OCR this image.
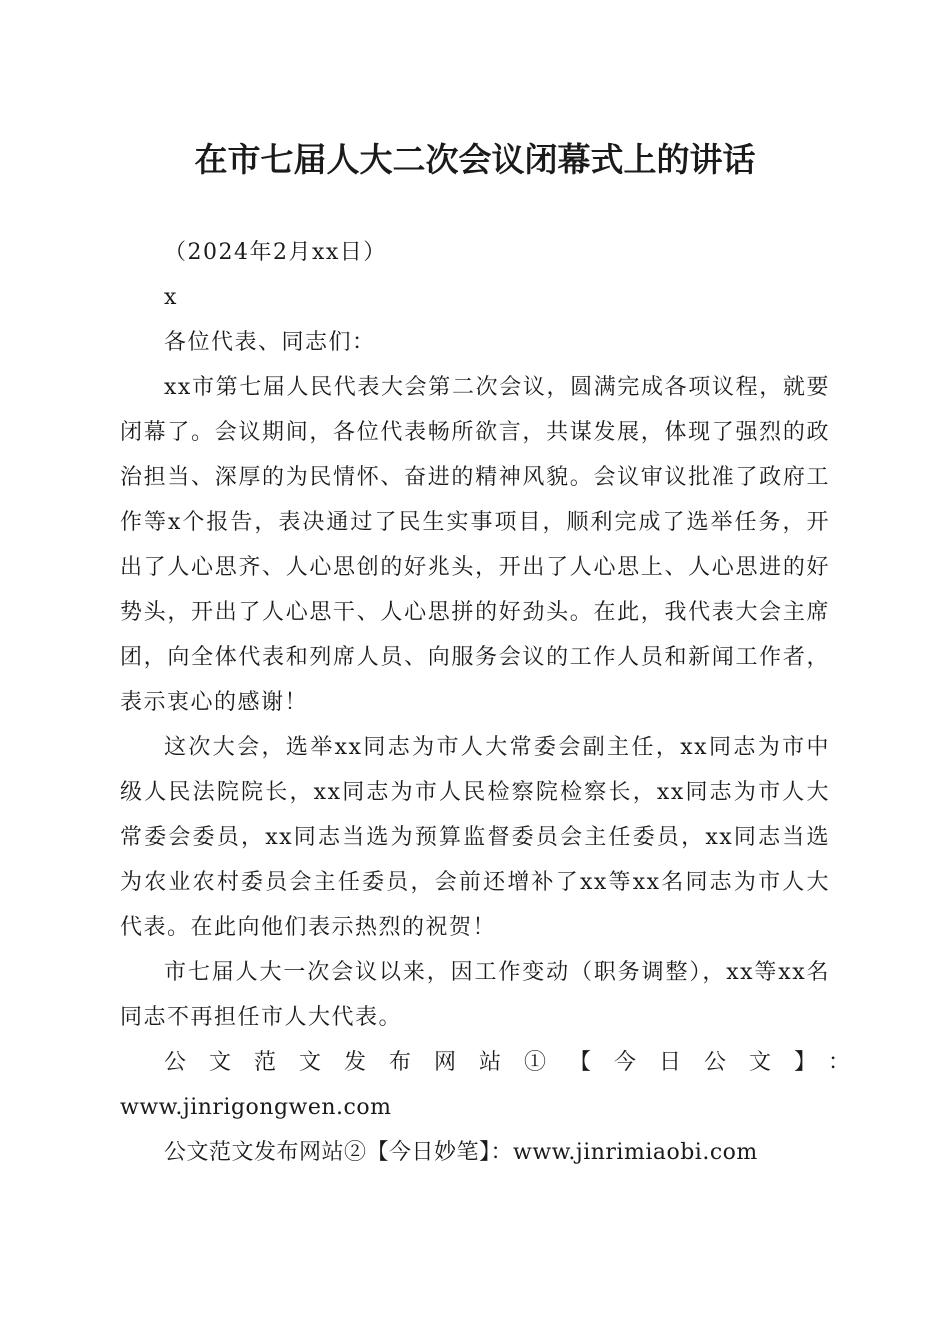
在市七届人大二次会议闭幕式上的讲话

（2024年2月xx日）

x

各位代表、同志们：

xx市第七届人民代表大会第二次会议，圆满完成各项议程，就要闭幕了。会议期间，各位代表畅所欲言，共谋发展，体现了强烈的政治担当、深厚的为民情怀、奋进的精神风貌。会议审议批准了政府工作等x个报告，表决通过了民生实事项目，顺利完成了选举任务，开出了人心思齐、人心思创的好兆头，开出了人心思上、人心思进的好势头，开出了人心思干、人心思拼的好劲头。在此，我代表大会主席团，向全体代表和列席人员、向服务会议的工作人员和新闻工作者，表示衷心的感谢！

这次大会，选举xx同志为市人大常委会副主任，xx同志为市中级人民法院院长，xx同志为市人民检察院检察长，xx同志为市人大常委会委员，xx同志当选为预算监督委员会主任委员，xx同志当选为农业农村委员会主任委员，会前还增补了xx等xx名同志为市人大代表。在此向他们表示热烈的祝贺！

市七届人大一次会议以来，因工作变动（职务调整），xx等xx名同志不再担任市人大代表。

公文范文发布网站①【今日公文】：

www.jinrigongwen.com

公文范文发布网站②【今日妙笔】：www.jinrimiaobi.com
